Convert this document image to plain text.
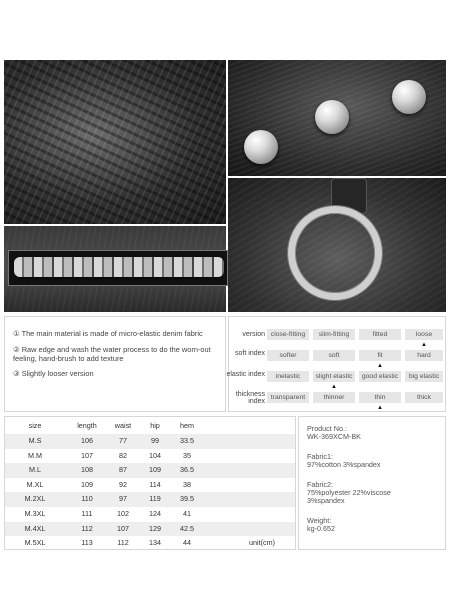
① The main material is made of micro-elastic denim fabric
② Raw edge and wash the water process to do the worn-out feeling, hand-brush to add texture
③ Slightly looser version
version close-fitting	slim-fitting	fitted	loose
▲
soft index	softer	soft	fit	hard
▲
elastic index	inelastic	slight elastic	good elastic	big elastic
▲
thickness index
transparent	thinner	thin	thick
▲
size	length	waist	hip	hem
M.S	106	77	99	33.5
M.M	107	82	104	35
M.L	108	87	109	36.5
M.XL	109	92	114	38
M.2XL	110	97	119	39.5
M.3XL	111	102	124	41
M.4XL	112	107	129	42.5
M.5XL	113	112	134	44	unit(cm)
Product No.:
WK-369XCM-BK
Fabric1:
97%cotton 3%spandex
Fabric2:
75%polyester 22%viscose
3%spandex
Weight:
kg-0.652
